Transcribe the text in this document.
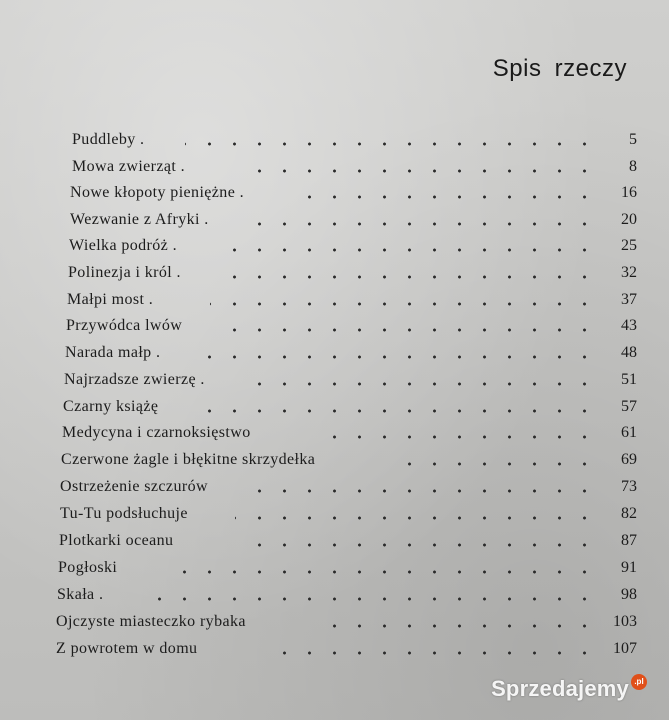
Spis rzeczy
Puddleby .	5
Mowa zwierząt .	8
Nowe kłopoty pieniężne .	16
Wezwanie z Afryki .	20
Wielka podróż .	25
Polinezja i król .	32
Małpi most .	37
Przywódca lwów	43
Narada małp .	48
Najrzadsze zwierzę .	51
Czarny książę	57
Medycyna i czarnoksięstwo	61
Czerwone żagle i błękitne skrzydełka	69
Ostrzeżenie szczurów	73
Tu-Tu podsłuchuje	82
Plotkarki oceanu	87
Pogłoski	91
Skała .	98
Ojczyste miasteczko rybaka	103
Z powrotem w domu	107
Sprzedajemy .pl
